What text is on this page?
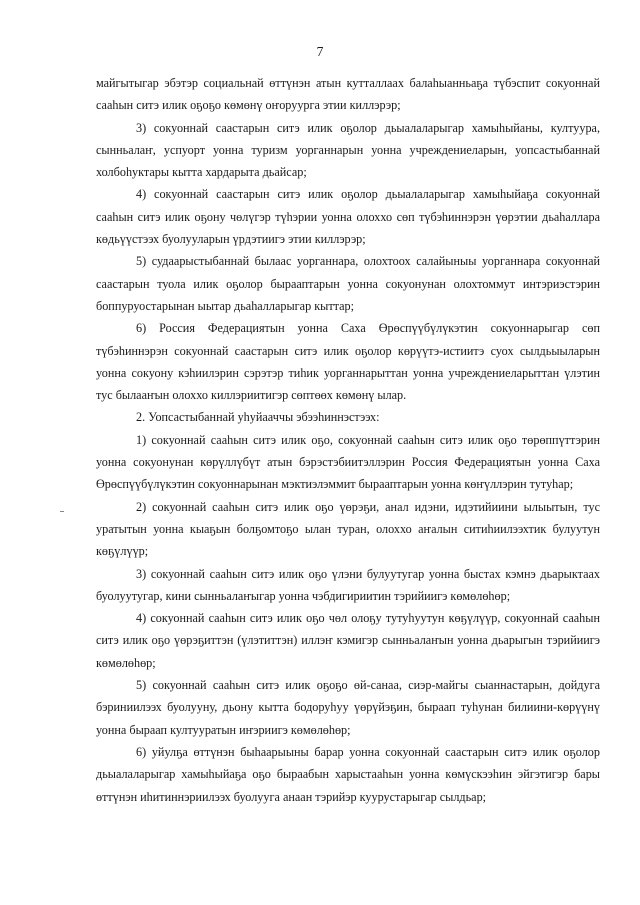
7

майгытыгар эбэтэр социальнай өттүнэн атын кутталлаах балаһыанньаҕа түбэспит сокуоннай сааһын ситэ илик оҕоҕо көмөнү оҥоруурга этии киллэрэр;

3) сокуоннай саастарын ситэ илик оҕолор дьыалаларыгар хамыһыйаны, култуура, сынньалаҥ, успуорт уонна туризм уорганнарын уонна учреждениеларын, уопсастыбаннай холбоһуктары кытта хардарыта дьайсар;

4) сокуоннай саастарын ситэ илик оҕолор дьыалаларыгар хамыһыйаҕа сокуоннай сааһын ситэ илик оҕону чөлүгэр түһэрии уонна олоххо сөп түбэһиннэрэн үөрэтии дьаһаллара көдьүүстээх буолууларын үрдэтиигэ этии киллэрэр;

5) судаарыстыбаннай былаас уорганнара, олохтоох салайыныы уорганнара сокуоннай саастарын туола илик оҕолор бырааптарын уонна сокуонунан олохтоммут интэриэстэрин боппуруостарынан ыытар дьаһалларыгар кыттар;

6) Россия Федерациятын уонна Саха Өрөспүүбүлүкэтин сокуоннарыгар сөп түбэһиннэрэн сокуоннай саастарын ситэ илик оҕолор көрүүтэ-истиитэ суох сылдьыыларын уонна сокуону кэһиилэрин сэрэтэр тиһик уорганнарыттан уонна учреждениеларыттан үлэтин тус былааҥын олоххо киллэриитигэр сөптөөх көмөнү ылар.

2. Уопсастыбаннай уһуйааччы эбээһиннэстээх:

1) сокуоннай сааһын ситэ илик оҕо, сокуоннай сааһын ситэ илик оҕо төрөппүттэрин уонна сокуонунан көрүллүбүт атын бэрэстэбиитэллэрин Россия Федерациятын уонна Саха Өрөспүүбүлүкэтин сокуоннарынан мэктиэлэммит бырааптарын уонна көҥүллэрин тутуһар;

2) сокуоннай сааһын ситэ илик оҕо үөрэҕи, анал идэни, идэтийиини ылыытын, тус уратытын уонна кыаҕын болҕомтоҕо ылан туран, олоххо аҥалын ситиһиилээхтик булуутун көҕүлүүр;

3) сокуоннай сааһын ситэ илик оҕо үлэни булуутугар уонна быстах кэмнэ дьарыктаах буолуутугар, кини сынньалаҥыгар уонна чэбдигириитин тэрийиигэ көмөлөһөр;

4) сокуоннай сааһын ситэ илик оҕо чөл олоҕу тутуһуутун көҕүлүүр, сокуоннай сааһын ситэ илик оҕо үөрэҕиттэн (үлэтиттэн) иллэҥ кэмигэр сынньалаҥын уонна дьарыгын тэрийиигэ көмөлөһөр;

5) сокуоннай сааһын ситэ илик оҕоҕо өй-санаа, сиэр-майгы сыаннастарын, дойдуга бэриниилээх буолууну, дьону кытта бодоруһуу үөрүйэҕин, быраап туһунан билиини-көрүүнү уонна быраап култууратын иҥэриигэ көмөлөһөр;

6) уйулҕа өттүнэн быһаарыыны барар уонна сокуоннай саастарын ситэ илик оҕолор дьыалаларыгар хамыһыйаҕа оҕо быраабын харыстааһын уонна көмүскээһин эйгэтигэр бары өттүнэн иһитиннэриилээх буолууга анаан тэрийэр куурустарыгар сылдьар;
